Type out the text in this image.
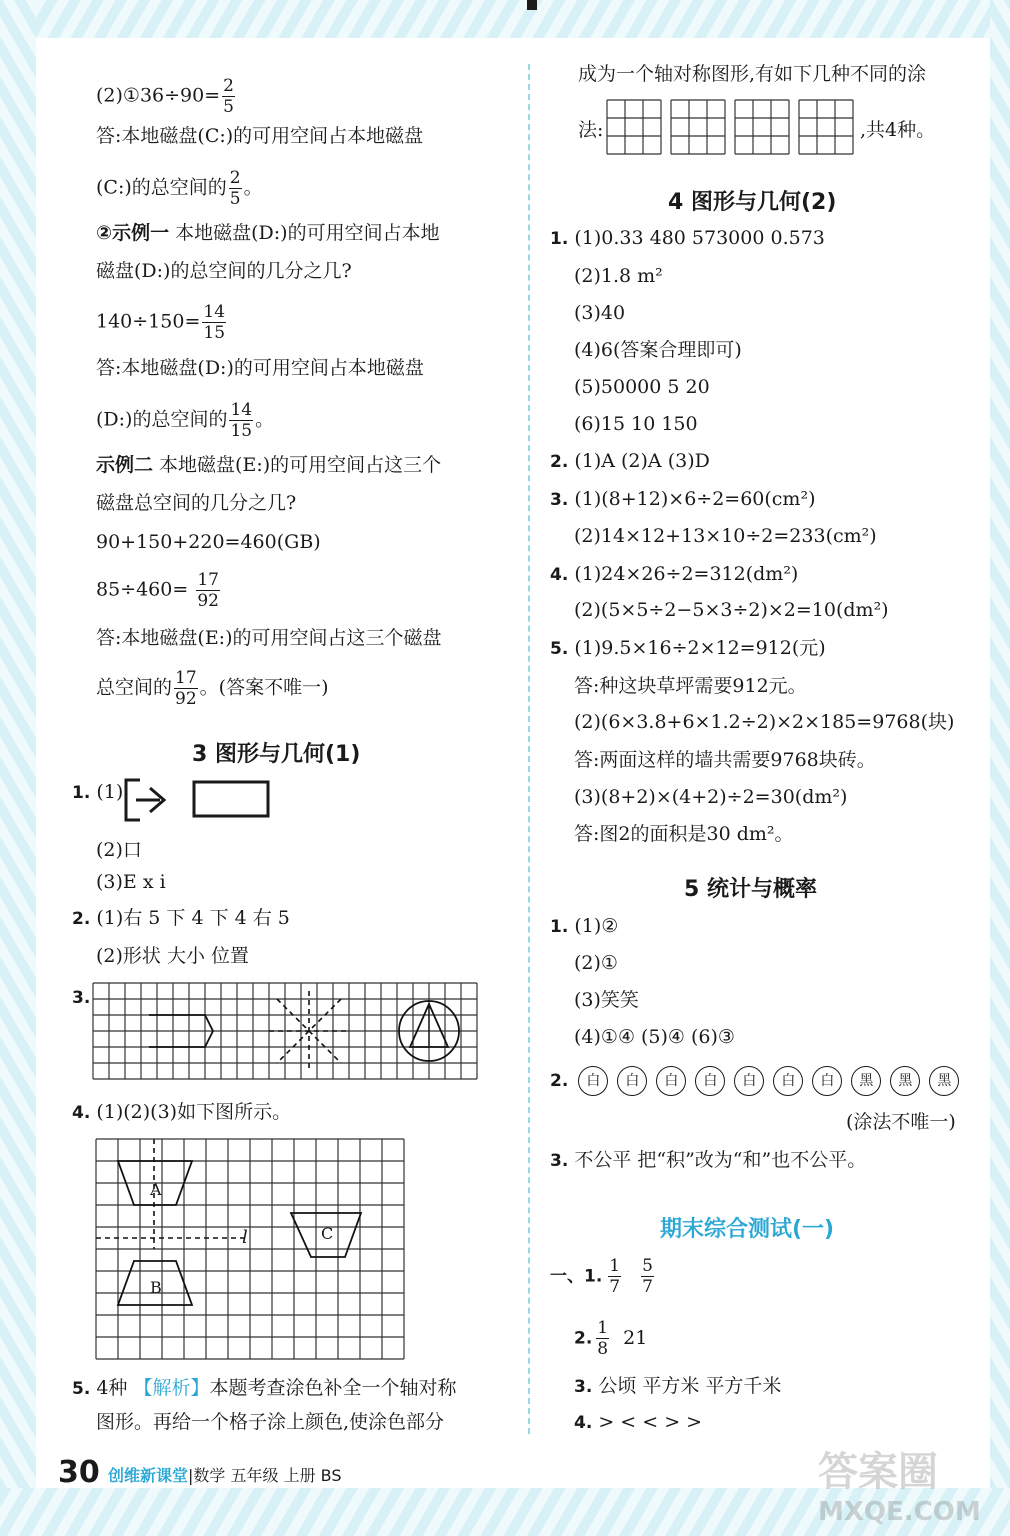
(2)①36÷90= $\frac{2}{5}$
答:本地磁盘(C:)的可用空间占本地磁盘
(C:)的总空间的 $\frac{2}{5}$ 。
②示例一 本地磁盘(D:)的可用空间占本地
磁盘(D:)的总空间的几分之几?
$140\div 150= \frac{14}{15}$
答:本地磁盘(D:)的可用空间占本地磁盘
(D:)的总空间的 $\frac{14}{15}$ 。
示例二 本地磁盘(E:)的可用空间占这三个
磁盘总空间的几分之几?
90+150+220=460(GB)
$85\div 460= \frac{17}{92}$
答:本地磁盘(E:)的可用空间占这三个磁盘
总空间的 $\frac{17}{92}$ 。(答案不唯一)
3 图形与几何(1)
1. (1)
(2)口
(3)E x i
2. (1)右 5 下 4 下 4 右 5
(2)形状 大小 位置
3.
4. (1)(2)(3)如下图所示。
A
B
C
l
5. 4种 【解析】本题考查涂色补全一个轴对称
图形。再给一个格子涂上颜色,使涂色部分
成为一个轴对称图形,有如下几种不同的涂
法:	,共4种。
4 图形与几何(2)
1. (1)0.33 480 573000 0.573
(2)1.8 m²
(3)40
(4)6(答案合理即可)
(5)50000 5 20
(6)15 10 150
2. (1)A (2)A (3)D
3. (1)(8+12)×6÷2=60(cm²)
(2)14×12+13×10÷2=233(cm²)
4. (1)24×26÷2=312(dm²)
(2)(5×5÷2−5×3÷2)×2=10(dm²)
5. (1)9.5×16÷2×12=912(元)
答:种这块草坪需要912元。
(2)(6×3.8+6×1.2÷2)×2×185=9768(块)
答:两面这样的墙共需要9768块砖。
(3)(8+2)×(4+2)÷2=30(dm²)
答:图2的面积是30 dm²。
5 统计与概率
1. (1)②
(2)①
(3)笑笑
(4)①④ (5)④ (6)③
2. 白 白 白 白 白 白 白 黑 黑 黑
(涂法不唯一)
3. 不公平 把“积”改为“和”也不公平。
期末综合测试(一)
一、1. $\frac{1}{7} \frac{5}{7}$
2. $\frac{1}{8} 21$
3. 公顷 平方米 平方千米
4. > < < > >
30 创维新课堂|数学 五年级 上册 BS	答案圈
MXQE.COM
